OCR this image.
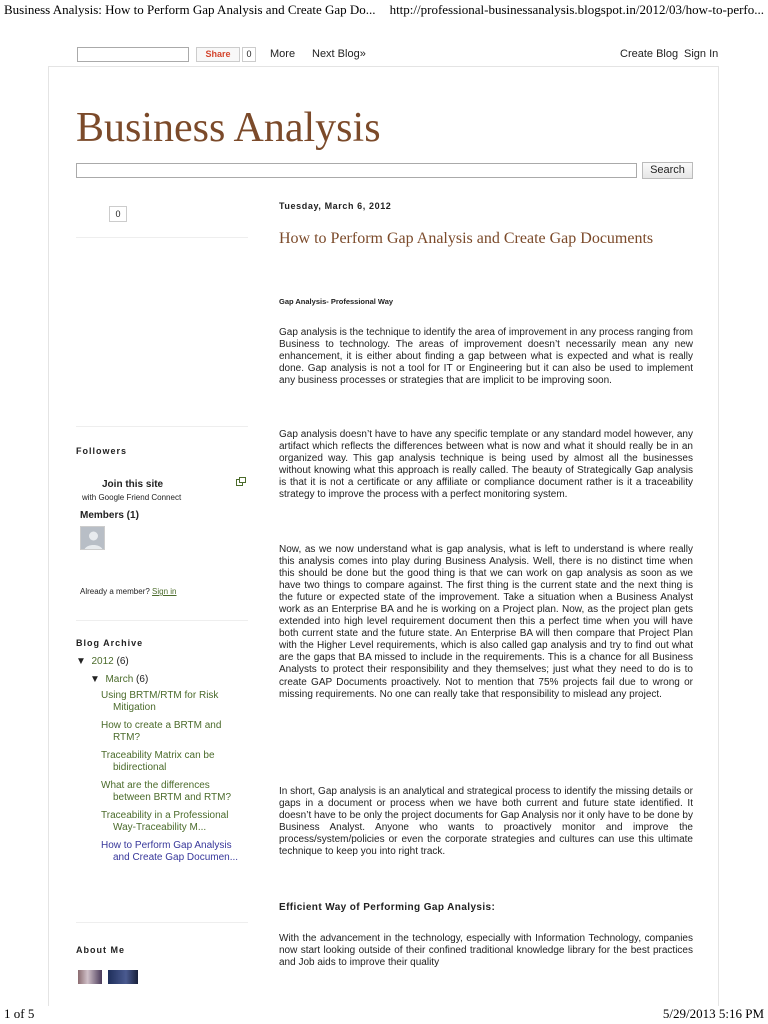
Business Analysis: How to Perform Gap Analysis and Create Gap Do... http://professional-businessanalysis.blogspot.in/2012/03/how-to-perfo...
Share	0	More Next Blog»	Create Blog Sign In
Business Analysis
Search
0
Followers
Join this site
with Google Friend Connect
Members (1)
Already a member? Sign in
Blog Archive
▼ 2012 (6)
▼ March (6)
Using BRTM/RTM for Risk Mitigation
How to create a BRTM and RTM?
Traceability Matrix can be bidirectional
What are the differences between BRTM and RTM?
Traceability in a Professional Way-Traceability M...
How to Perform Gap Analysis and Create Gap Documen...
About Me
Tuesday, March 6, 2012
How to Perform Gap Analysis and Create Gap Documents
Gap Analysis- Professional Way
Gap analysis is the technique to identify the area of improvement in any process ranging from Business to technology. The areas of improvement doesn’t necessarily mean any new enhancement, it is either about finding a gap between what is expected and what is really done. Gap analysis is not a tool for IT or Engineering but it can also be used to implement any business processes or strategies that are implicit to be improving soon.
Gap analysis doesn’t have to have any specific template or any standard model however, any artifact which reflects the differences between what is now and what it should really be in an organized way. This gap analysis technique is being used by almost all the businesses without knowing what this approach is really called. The beauty of Strategically Gap analysis is that it is not a certificate or any affiliate or compliance document rather is it a traceability strategy to improve the process with a perfect monitoring system.
Now, as we now understand what is gap analysis, what is left to understand is where really this analysis comes into play during Business Analysis. Well, there is no distinct time when this should be done but the good thing is that we can work on gap analysis as soon as we have two things to compare against. The first thing is the current state and the next thing is the future or expected state of the improvement. Take a situation when a Business Analyst work as an Enterprise BA and he is working on a Project plan. Now, as the project plan gets extended into high level requirement document then this a perfect time when you will have both current state and the future state. An Enterprise BA will then compare that Project Plan with the Higher Level requirements, which is also called gap analysis and try to find out what are the gaps that BA missed to include in the requirements. This is a chance for all Business Analysts to protect their responsibility and they themselves; just what they need to do is to create GAP Documents proactively. Not to mention that 75% projects fail due to wrong or missing requirements. No one can really take that responsibility to mislead any project.
In short, Gap analysis is an analytical and strategical process to identify the missing details or gaps in a document or process when we have both current and future state identified. It doesn’t have to be only the project documents for Gap Analysis nor it only have to be done by Business Analyst. Anyone who wants to proactively monitor and improve the process/system/policies or even the corporate strategies and cultures can use this ultimate technique to keep you into right track.
Efficient Way of Performing Gap Analysis:
With the advancement in the technology, especially with Information Technology, companies now start looking outside of their confined traditional knowledge library for the best practices and Job aids to improve their quality
1 of 5	5/29/2013 5:16 PM
